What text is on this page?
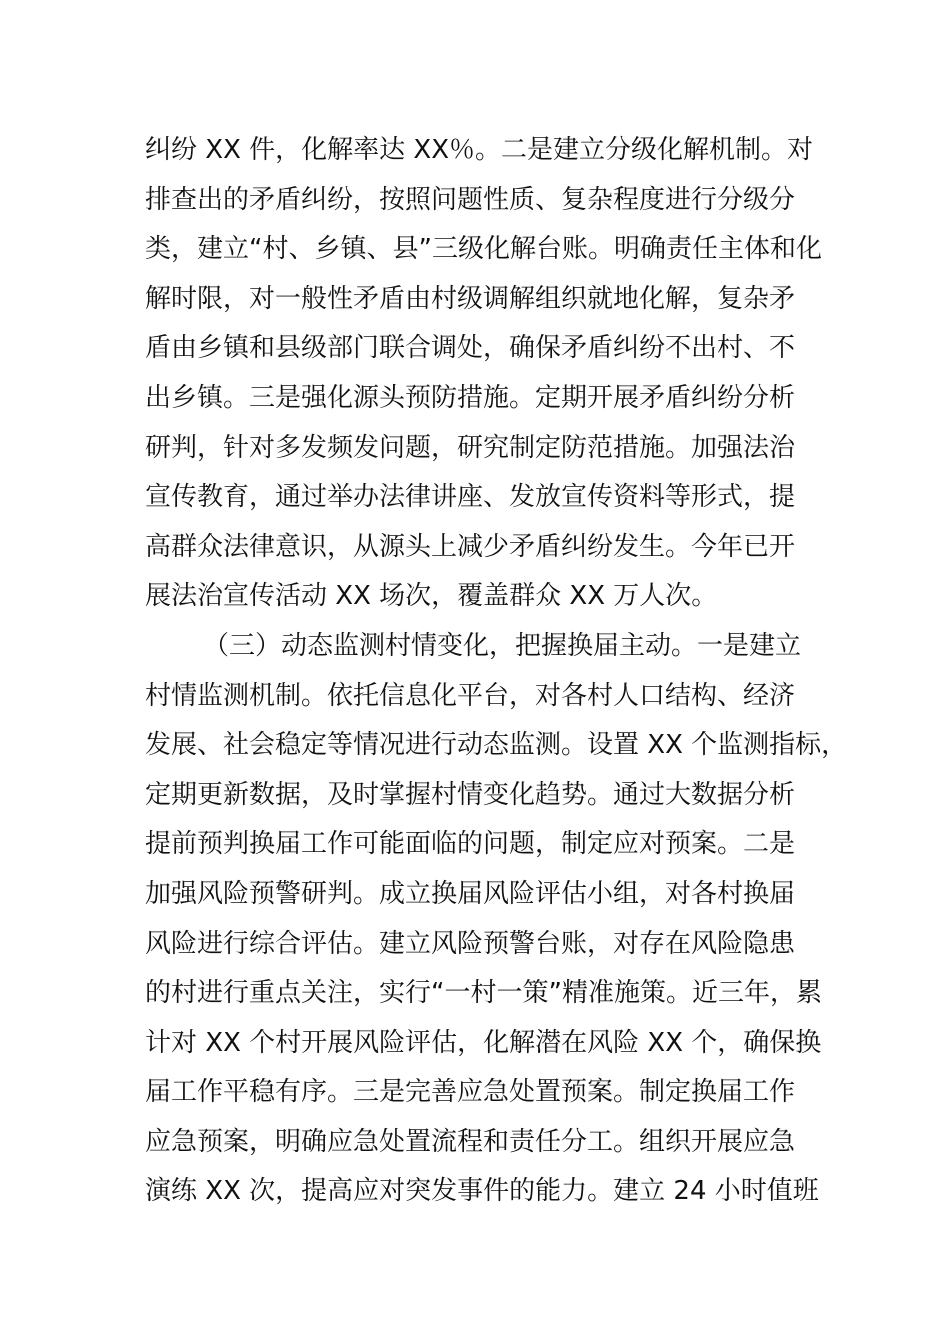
纠纷 XX 件，化解率达 XX％。二是建立分级化解机制。对
排查出的矛盾纠纷，按照问题性质、复杂程度进行分级分
类，建立“村、乡镇、县”三级化解台账。明确责任主体和化
解时限，对一般性矛盾由村级调解组织就地化解，复杂矛
盾由乡镇和县级部门联合调处，确保矛盾纠纷不出村、不
出乡镇。三是强化源头预防措施。定期开展矛盾纠纷分析
研判，针对多发频发问题，研究制定防范措施。加强法治
宣传教育，通过举办法律讲座、发放宣传资料等形式，提
高群众法律意识，从源头上减少矛盾纠纷发生。今年已开
展法治宣传活动 XX 场次，覆盖群众 XX 万人次。
（三）动态监测村情变化，把握换届主动。一是建立
村情监测机制。依托信息化平台，对各村人口结构、经济
发展、社会稳定等情况进行动态监测。设置 XX 个监测指标，
定期更新数据，及时掌握村情变化趋势。通过大数据分析
提前预判换届工作可能面临的问题，制定应对预案。二是
加强风险预警研判。成立换届风险评估小组，对各村换届
风险进行综合评估。建立风险预警台账，对存在风险隐患
的村进行重点关注，实行“一村一策”精准施策。近三年，累
计对 XX 个村开展风险评估，化解潜在风险 XX 个，确保换
届工作平稳有序。三是完善应急处置预案。制定换届工作
应急预案，明确应急处置流程和责任分工。组织开展应急
演练 XX 次，提高应对突发事件的能力。建立 24 小时值班
